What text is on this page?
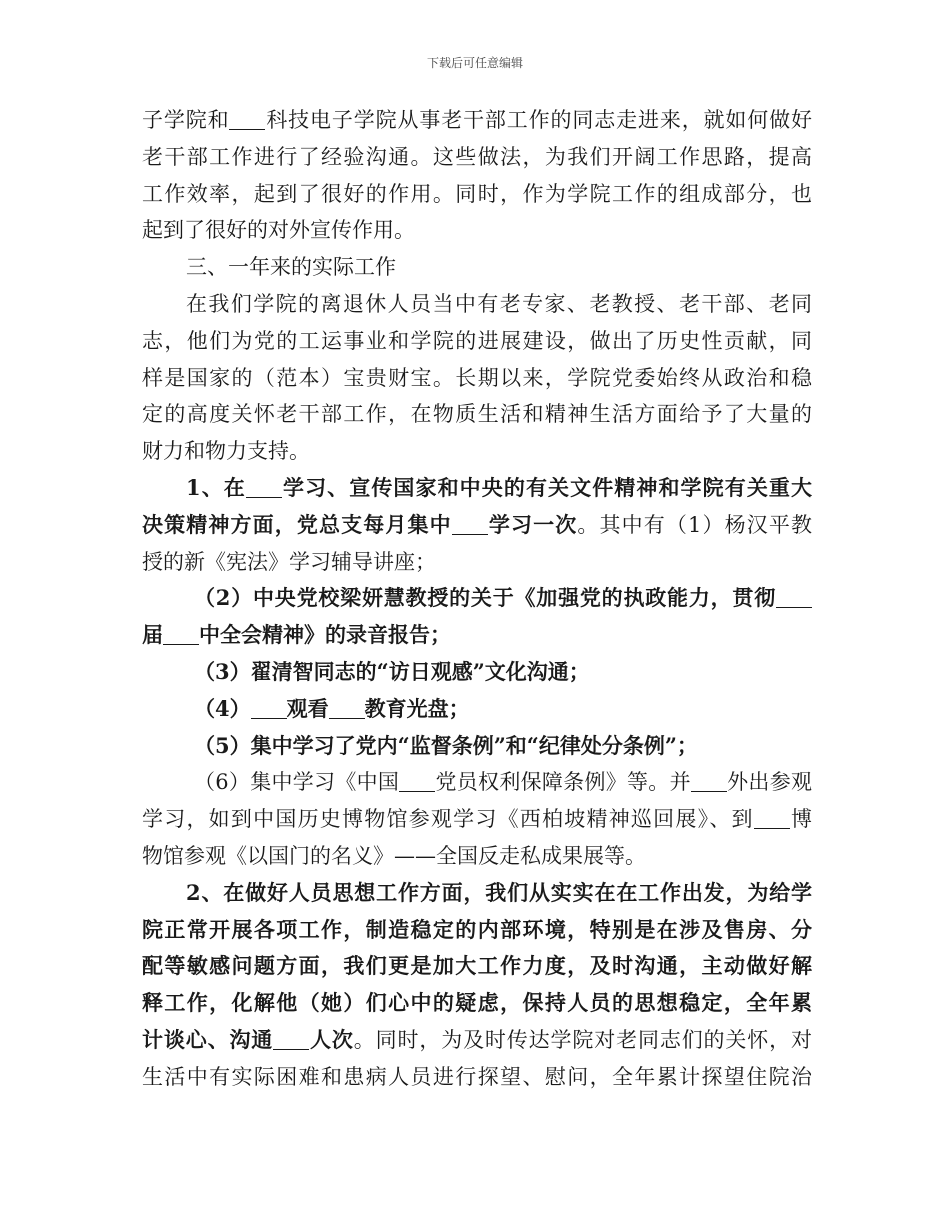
下载后可任意编辑
子学院和 科技电子学院从事老干部工作的同志走进来，就如何做好
老干部工作进行了经验沟通。这些做法，为我们开阔工作思路，提高
工作效率，起到了很好的作用。同时，作为学院工作的组成部分，也
起到了很好的对外宣传作用。
三、一年来的实际工作
在我们学院的离退休人员当中有老专家、老教授、老干部、老同
志，他们为党的工运事业和学院的进展建设，做出了历史性贡献，同
样是国家的（范本）宝贵财宝。长期以来，学院党委始终从政治和稳
定的高度关怀老干部工作，在物质生活和精神生活方面给予了大量的
财力和物力支持。
1、在 学习、宣传国家和中央的有关文件精神和学院有关重大
决策精神方面，党总支每月集中 学习一次。其中有（1）杨汉平教
授的新《宪法》学习辅导讲座；
（2）中央党校梁妍慧教授的关于《加强党的执政能力，贯彻
届 中全会精神》的录音报告；
（3）翟清智同志的“访日观感”文化沟通；
（4） 观看 教育光盘；
（5）集中学习了党内“监督条例”和“纪律处分条例”；
（6）集中学习《中国 党员权利保障条例》等。并 外出参观
学习，如到中国历史博物馆参观学习《西柏坡精神巡回展》、到 博
物馆参观《以国门的名义》——全国反走私成果展等。
2、在做好人员思想工作方面，我们从实实在在工作出发，为给学
院正常开展各项工作，制造稳定的内部环境，特别是在涉及售房、分
配等敏感问题方面，我们更是加大工作力度，及时沟通，主动做好解
释工作，化解他（她）们心中的疑虑，保持人员的思想稳定，全年累
计谈心、沟通 人次。同时，为及时传达学院对老同志们的关怀，对
生活中有实际困难和患病人员进行探望、慰问，全年累计探望住院治
